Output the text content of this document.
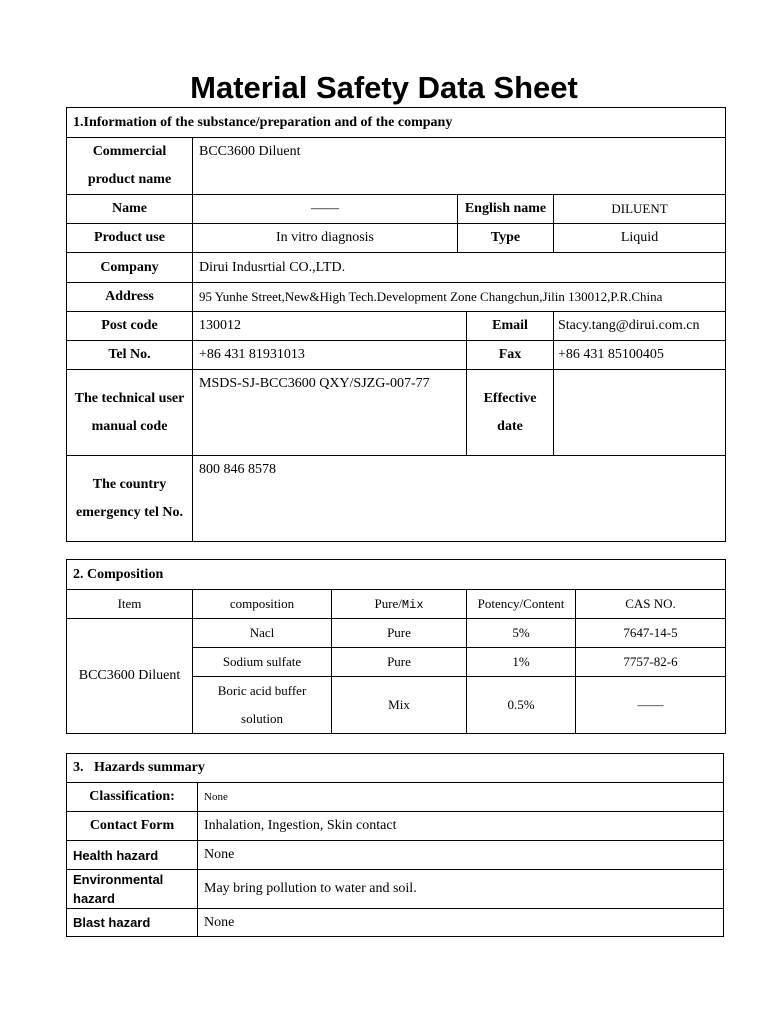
Material Safety Data Sheet
1.Information of the substance/preparation and of the company				
Commercial product name	BCC3600 Diluent			
Name	——	English name		DILUENT
Product use	In vitro diagnosis	Type		Liquid
Company	Dirui Indusrtial CO.,LTD.			
Address	95 Yunhe Street,New&High Tech.Development Zone Changchun,Jilin 130012,P.R.China			
Post code	130012		Email	Stacy.tang@dirui.com.cn
Tel No.	+86 431 81931013		Fax	+86 431 85100405
The technical user manual code	MSDS-SJ-BCC3600 QXY/SJZG-007-77		Effective date	
The country emergency tel No.	800 846 8578			
2. Composition				
Item	composition	Pure/Mix	Potency/Content	CAS NO.
BCC3600 Diluent	Nacl	Pure	5%	7647-14-5
	Sodium sulfate	Pure	1%	7757-82-6
	Boric acid buffer solution	Mix	0.5%	——
3.   Hazards summary	
Classification:	None
Contact Form	Inhalation, Ingestion, Skin contact
Health hazard	None
Environmental hazard	May bring pollution to water and soil.
Blast hazard	None
